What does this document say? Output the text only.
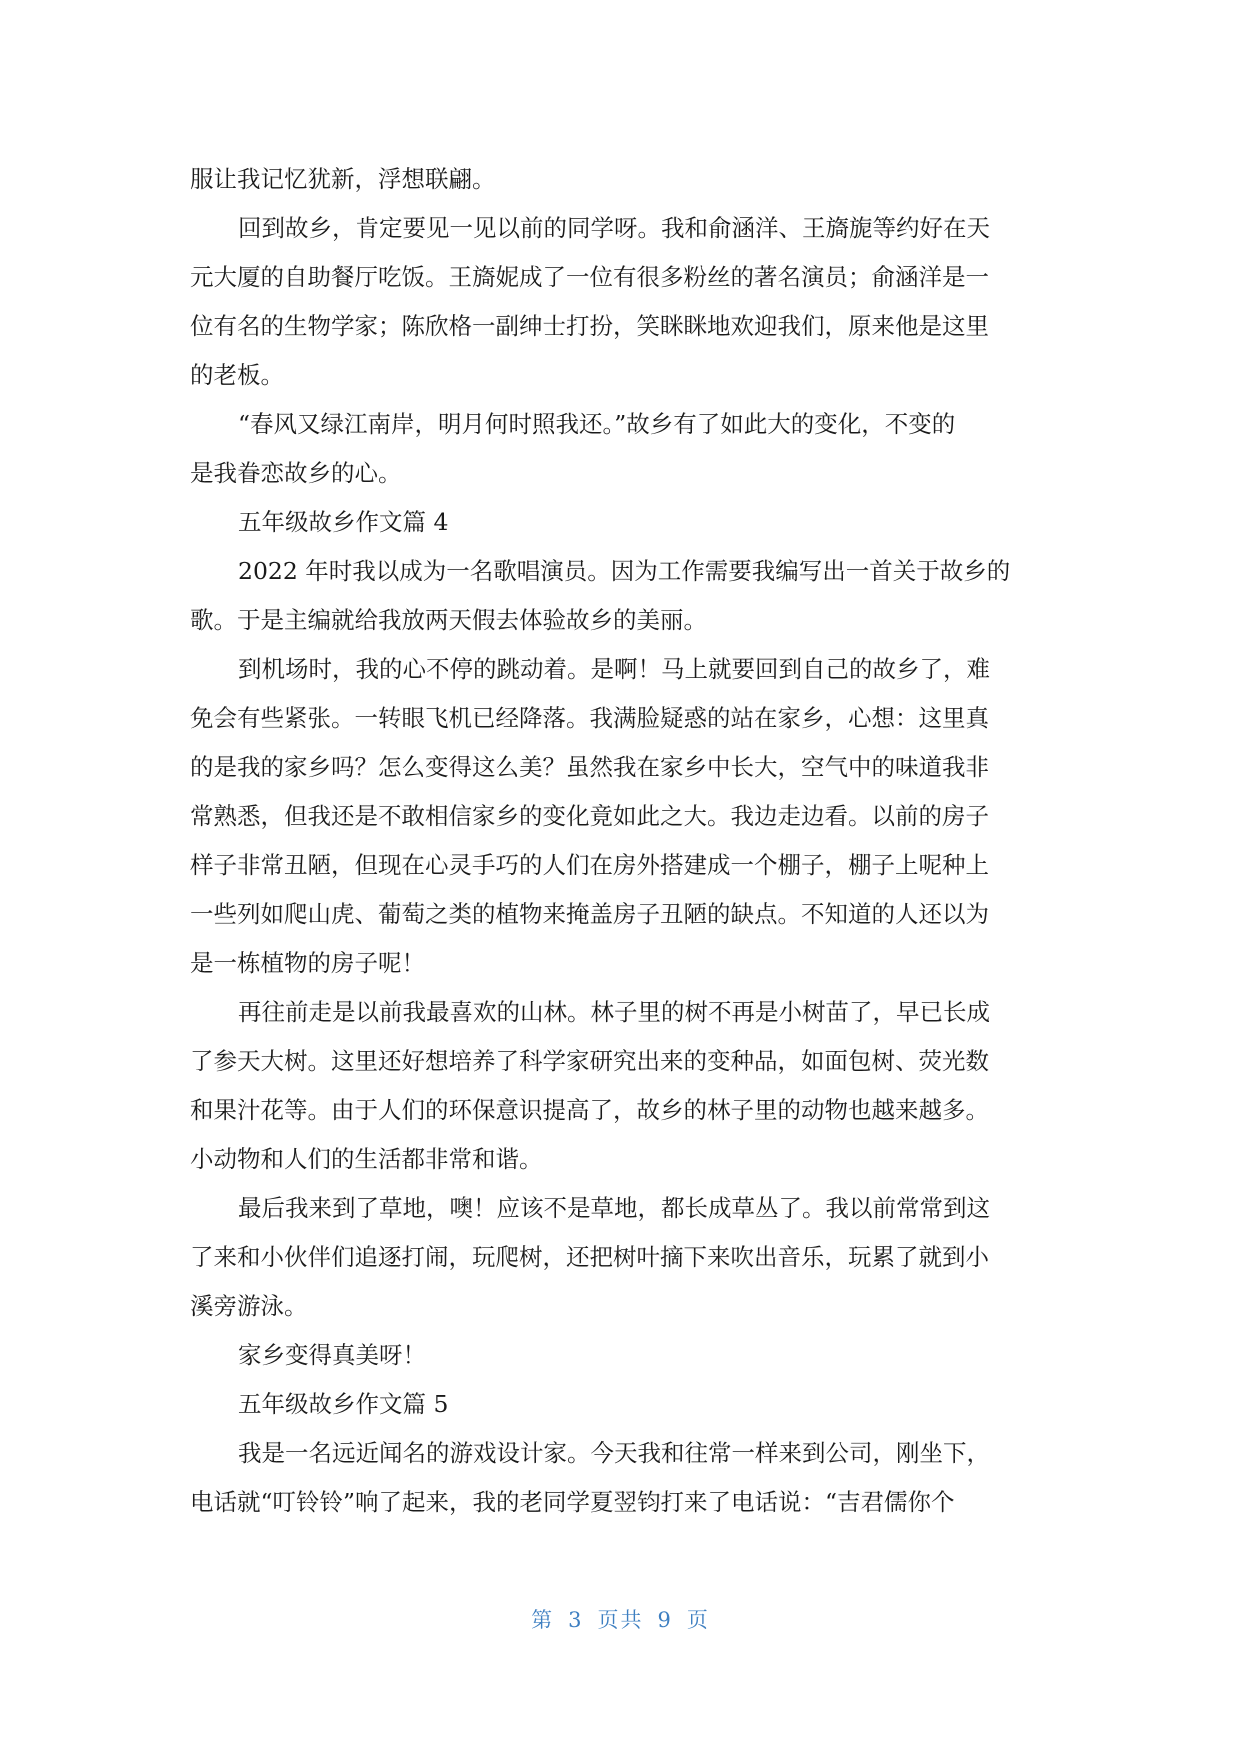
服让我记忆犹新，浮想联翩。
回到故乡，肯定要见一见以前的同学呀。我和俞涵洋、王旖旎等约好在天
元大厦的自助餐厅吃饭。王旖妮成了一位有很多粉丝的著名演员；俞涵洋是一
位有名的生物学家；陈欣格一副绅士打扮，笑眯眯地欢迎我们，原来他是这里
的老板。
“春风又绿江南岸，明月何时照我还。”故乡有了如此大的变化，不变的
是我眷恋故乡的心。
五年级故乡作文篇 4
2022 年时我以成为一名歌唱演员。因为工作需要我编写出一首关于故乡的
歌。于是主编就给我放两天假去体验故乡的美丽。
到机场时，我的心不停的跳动着。是啊！马上就要回到自己的故乡了，难
免会有些紧张。一转眼飞机已经降落。我满脸疑惑的站在家乡，心想：这里真
的是我的家乡吗？怎么变得这么美？虽然我在家乡中长大，空气中的味道我非
常熟悉，但我还是不敢相信家乡的变化竟如此之大。我边走边看。以前的房子
样子非常丑陋，但现在心灵手巧的人们在房外搭建成一个棚子，棚子上呢种上
一些列如爬山虎、葡萄之类的植物来掩盖房子丑陋的缺点。不知道的人还以为
是一栋植物的房子呢！
再往前走是以前我最喜欢的山林。林子里的树不再是小树苗了，早已长成
了参天大树。这里还好想培养了科学家研究出来的变种品，如面包树、荧光数
和果汁花等。由于人们的环保意识提高了，故乡的林子里的动物也越来越多。
小动物和人们的生活都非常和谐。
最后我来到了草地，噢！应该不是草地，都长成草丛了。我以前常常到这
了来和小伙伴们追逐打闹，玩爬树，还把树叶摘下来吹出音乐，玩累了就到小
溪旁游泳。
家乡变得真美呀！
五年级故乡作文篇 5
我是一名远近闻名的游戏设计家。今天我和往常一样来到公司，刚坐下，
电话就“叮铃铃”响了起来，我的老同学夏翌钧打来了电话说：“吉君儒你个
第 3 页共 9 页
